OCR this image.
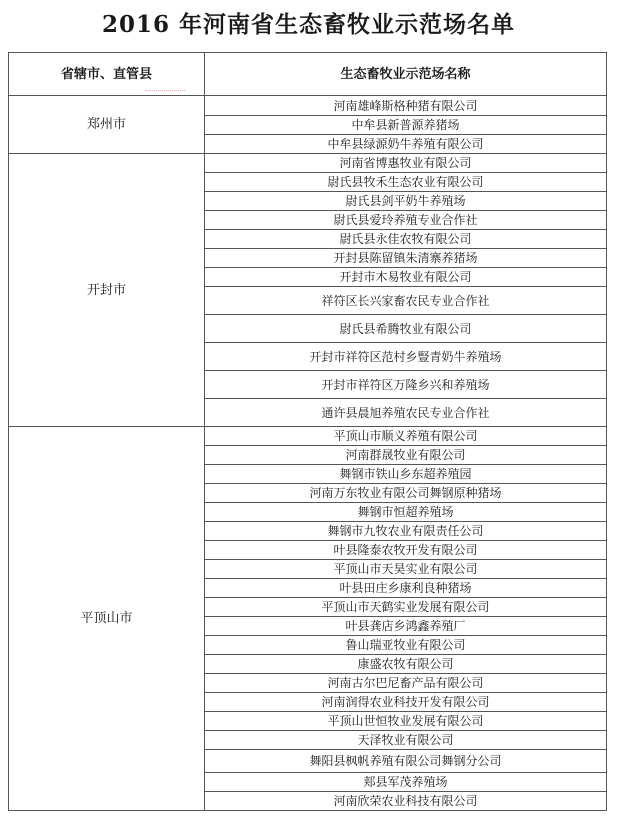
2016 年河南省生态畜牧业示范场名单
省辖市、直管县	生态畜牧业示范场名称
郑州市	河南雄峰斯格种猪有限公司
	中牟县新普源养猪场
	中牟县绿源奶牛养殖有限公司
开封市	河南省博惠牧业有限公司
	尉氏县牧禾生态农业有限公司
	尉氏县剑平奶牛养殖场
	尉氏县爱玲养殖专业合作社
	尉氏县永佳农牧有限公司
	开封县陈留镇朱清寨养猪场
	开封市木易牧业有限公司
	祥符区长兴家畜农民专业合作社
	尉氏县希腾牧业有限公司
	开封市祥符区范村乡豎青奶牛养殖场
	开封市祥符区万隆乡兴和养殖场
	通许县晨旭养殖农民专业合作社
平顶山市	平顶山市顺义养殖有限公司
	河南群晟牧业有限公司
	舞钢市铁山乡东超养殖园
	河南万东牧业有限公司舞钢原种猪场
	舞钢市恒超养殖场
	舞钢市九牧农业有限责任公司
	叶县隆泰农牧开发有限公司
	平顶山市天昊实业有限公司
	叶县田庄乡康利良种猪场
	平顶山市天鹤实业发展有限公司
	叶县龚店乡鸿鑫养殖厂
	鲁山瑞亚牧业有限公司
	康盛农牧有限公司
	河南古尔巴尼畜产品有限公司
	河南润得农业科技开发有限公司
	平顶山世恒牧业发展有限公司
	天泽牧业有限公司
	舞阳县枫帆养殖有限公司舞钢分公司
	郏县军茂养殖场
	河南欣荣农业科技有限公司
